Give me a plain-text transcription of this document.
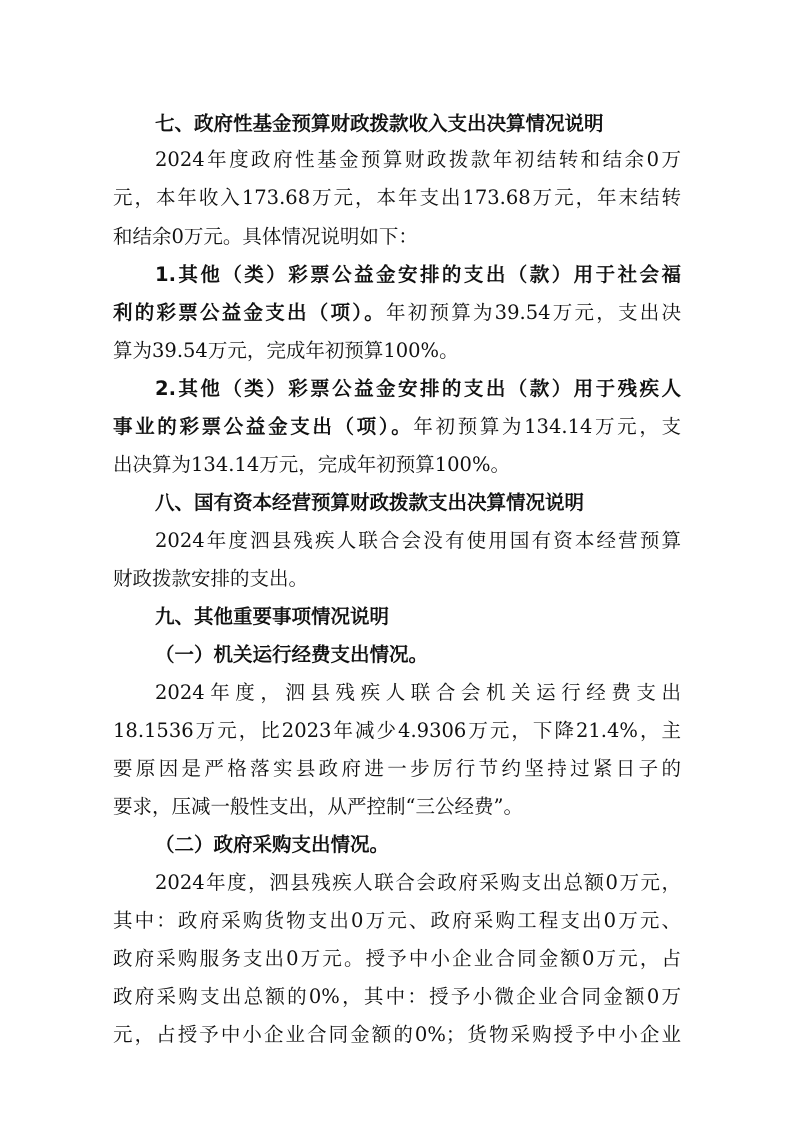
七、政府性基金预算财政拨款收入支出决算情况说明
2024年度政府性基金预算财政拨款年初结转和结余0万
元，本年收入173.68万元，本年支出173.68万元，年末结转
和结余0万元。具体情况说明如下：
1.其他（类）彩票公益金安排的支出（款）用于社会福
利的彩票公益金支出（项）。年初预算为39.54万元，支出决
算为39.54万元，完成年初预算100%。
2.其他（类）彩票公益金安排的支出（款）用于残疾人
事业的彩票公益金支出（项）。年初预算为134.14万元，支
出决算为134.14万元，完成年初预算100%。
八、国有资本经营预算财政拨款支出决算情况说明
2024年度泗县残疾人联合会没有使用国有资本经营预算
财政拨款安排的支出。
九、其他重要事项情况说明
（一）机关运行经费支出情况。
2024年度，泗县残疾人联合会机关运行经费支出
18.1536万元，比2023年减少4.9306万元，下降21.4%，主
要原因是严格落实县政府进一步厉行节约坚持过紧日子的
要求，压减一般性支出，从严控制“三公经费”。
（二）政府采购支出情况。
2024年度，泗县残疾人联合会政府采购支出总额0万元，
其中：政府采购货物支出0万元、政府采购工程支出0万元、
政府采购服务支出0万元。授予中小企业合同金额0万元，占
政府采购支出总额的0%，其中：授予小微企业合同金额0万
元，占授予中小企业合同金额的0%；货物采购授予中小企业
